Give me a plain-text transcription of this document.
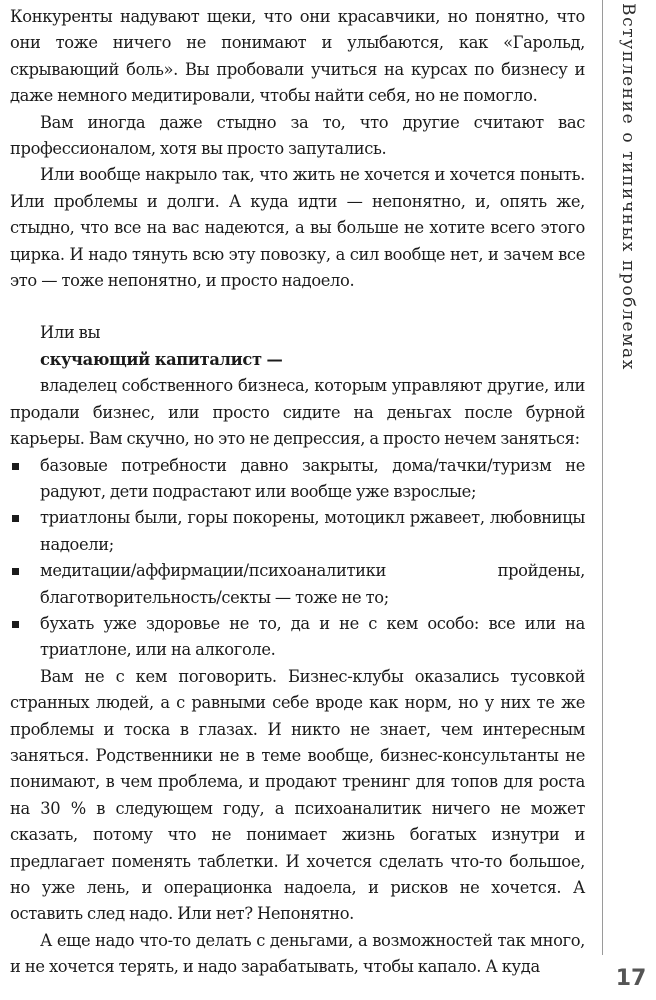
Конкуренты надувают щеки, что они красавчики, но понятно, что они тоже ничего не понимают и улыбаются, как «Гарольд, скрывающий боль». Вы пробовали учиться на курсах по бизнесу и даже немного медитировали, чтобы найти себя, но не помогло.

Вам иногда даже стыдно за то, что другие считают вас профессионалом, хотя вы просто запутались.

Или вообще накрыло так, что жить не хочется и хочется поныть. Или проблемы и долги. А куда идти — непонятно, и, опять же, стыдно, что все на вас надеются, а вы больше не хотите всего этого цирка. И надо тянуть всю эту повозку, а сил вообще нет, и зачем все это — тоже непонятно, и просто надоело.

Или вы

скучающий капиталист —

владелец собственного бизнеса, которым управляют другие, или продали бизнес, или просто сидите на деньгах после бурной карьеры. Вам скучно, но это не депрессия, а просто нечем заняться:

базовые потребности давно закрыты, дома/тачки/туризм не радуют, дети подрастают или вообще уже взрослые;
триатлоны были, горы покорены, мотоцикл ржавеет, любовницы надоели;
медитации/аффирмации/психоаналитики пройдены, благотворительность/секты — тоже не то;
бухать уже здоровье не то, да и не с кем особо: все или на триатлоне, или на алкоголе.

Вам не с кем поговорить. Бизнес-клубы оказались тусовкой странных людей, а с равными себе вроде как норм, но у них те же проблемы и тоска в глазах. И никто не знает, чем интересным заняться. Родственники не в теме вообще, бизнес-консультанты не понимают, в чем проблема, и продают тренинг для топов для роста на 30 % в следующем году, а психоаналитик ничего не может сказать, потому что не понимает жизнь богатых изнутри и предлагает поменять таблетки. И хочется сделать что-то большое, но уже лень, и операционка надоела, и рисков не хочется. А оставить след надо. Или нет? Непонятно.

А еще надо что-то делать с деньгами, а возможностей так много, и не хочется терять, и надо зарабатывать, чтобы капало. А куда

Вступление о типичных проблемах
17
